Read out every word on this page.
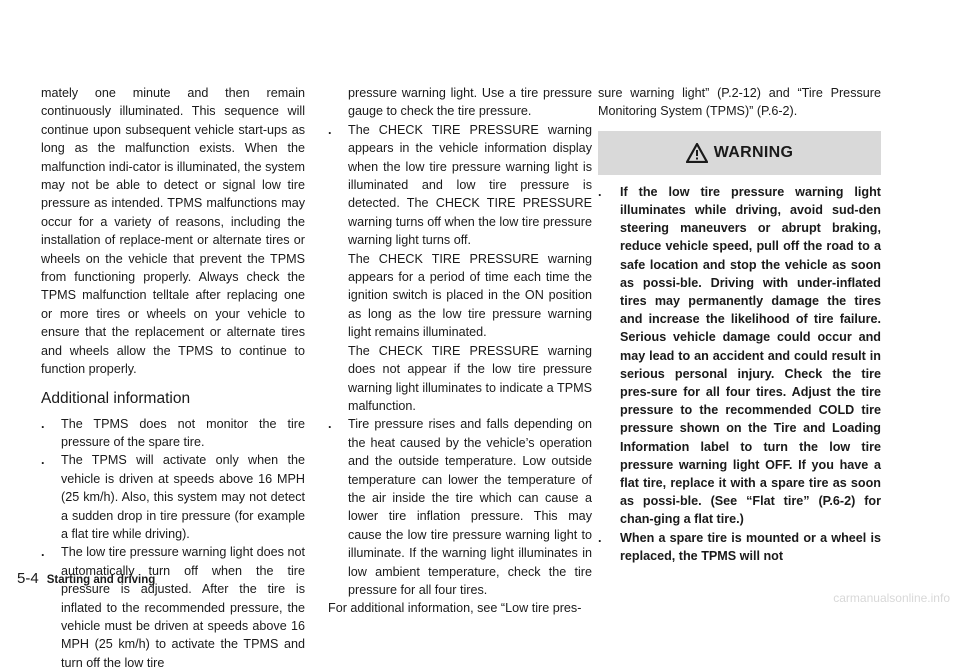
mately one minute and then remain continuously illuminated. This sequence will continue upon subsequent vehicle start-ups as long as the malfunction exists. When the malfunction indi-cator is illuminated, the system may not be able to detect or signal low tire pressure as intended. TPMS malfunctions may occur for a variety of reasons, including the installation of replace-ment or alternate tires or wheels on the vehicle that prevent the TPMS from functioning properly. Always check the TPMS malfunction telltale after replacing one or more tires or wheels on your vehicle to ensure that the replacement or alternate tires and wheels allow the TPMS to continue to function properly.

Additional information
. The TPMS does not monitor the tire pressure of the spare tire.
. The TPMS will activate only when the vehicle is driven at speeds above 16 MPH (25 km/h). Also, this system may not detect a sudden drop in tire pressure (for example a flat tire while driving).
. The low tire pressure warning light does not automatically turn off when the tire pressure is adjusted. After the tire is inflated to the recommended pressure, the vehicle must be driven at speeds above 16 MPH (25 km/h) to activate the TPMS and turn off the low tire

pressure warning light. Use a tire pressure gauge to check the tire pressure.

. The CHECK TIRE PRESSURE warning appears in the vehicle information display when the low tire pressure warning light is illuminated and low tire pressure is detected. The CHECK TIRE PRESSURE warning turns off when the low tire pressure warning light turns off.

The CHECK TIRE PRESSURE warning appears for a period of time each time the ignition switch is placed in the ON position as long as the low tire pressure warning light remains illuminated.

The CHECK TIRE PRESSURE warning does not appear if the low tire pressure warning light illuminates to indicate a TPMS malfunction.

. Tire pressure rises and falls depending on the heat caused by the vehicle’s operation and the outside temperature. Low outside temperature can lower the temperature of the air inside the tire which can cause a lower tire inflation pressure. This may cause the low tire pressure warning light to illuminate. If the warning light illuminates in low ambient temperature, check the tire pressure for all four tires.

For additional information, see “Low tire pres-

sure warning light” (P.2-12) and “Tire Pressure Monitoring System (TPMS)” (P.6-2).

WARNING
. If the low tire pressure warning light illuminates while driving, avoid sud-den steering maneuvers or abrupt braking, reduce vehicle speed, pull off the road to a safe location and stop the vehicle as soon as possi-ble. Driving with under-inflated tires may permanently damage the tires and increase the likelihood of tire failure. Serious vehicle damage could occur and may lead to an accident and could result in serious personal injury. Check the tire pres-sure for all four tires. Adjust the tire pressure to the recommended COLD tire pressure shown on the Tire and Loading Information label to turn the low tire pressure warning light OFF. If you have a flat tire, replace it with a spare tire as soon as possi-ble. (See “Flat tire” (P.6-2) for chan-ging a flat tire.)
. When a spare tire is mounted or a wheel is replaced, the TPMS will not
5-4 Starting and driving
carmanualsonline.info
